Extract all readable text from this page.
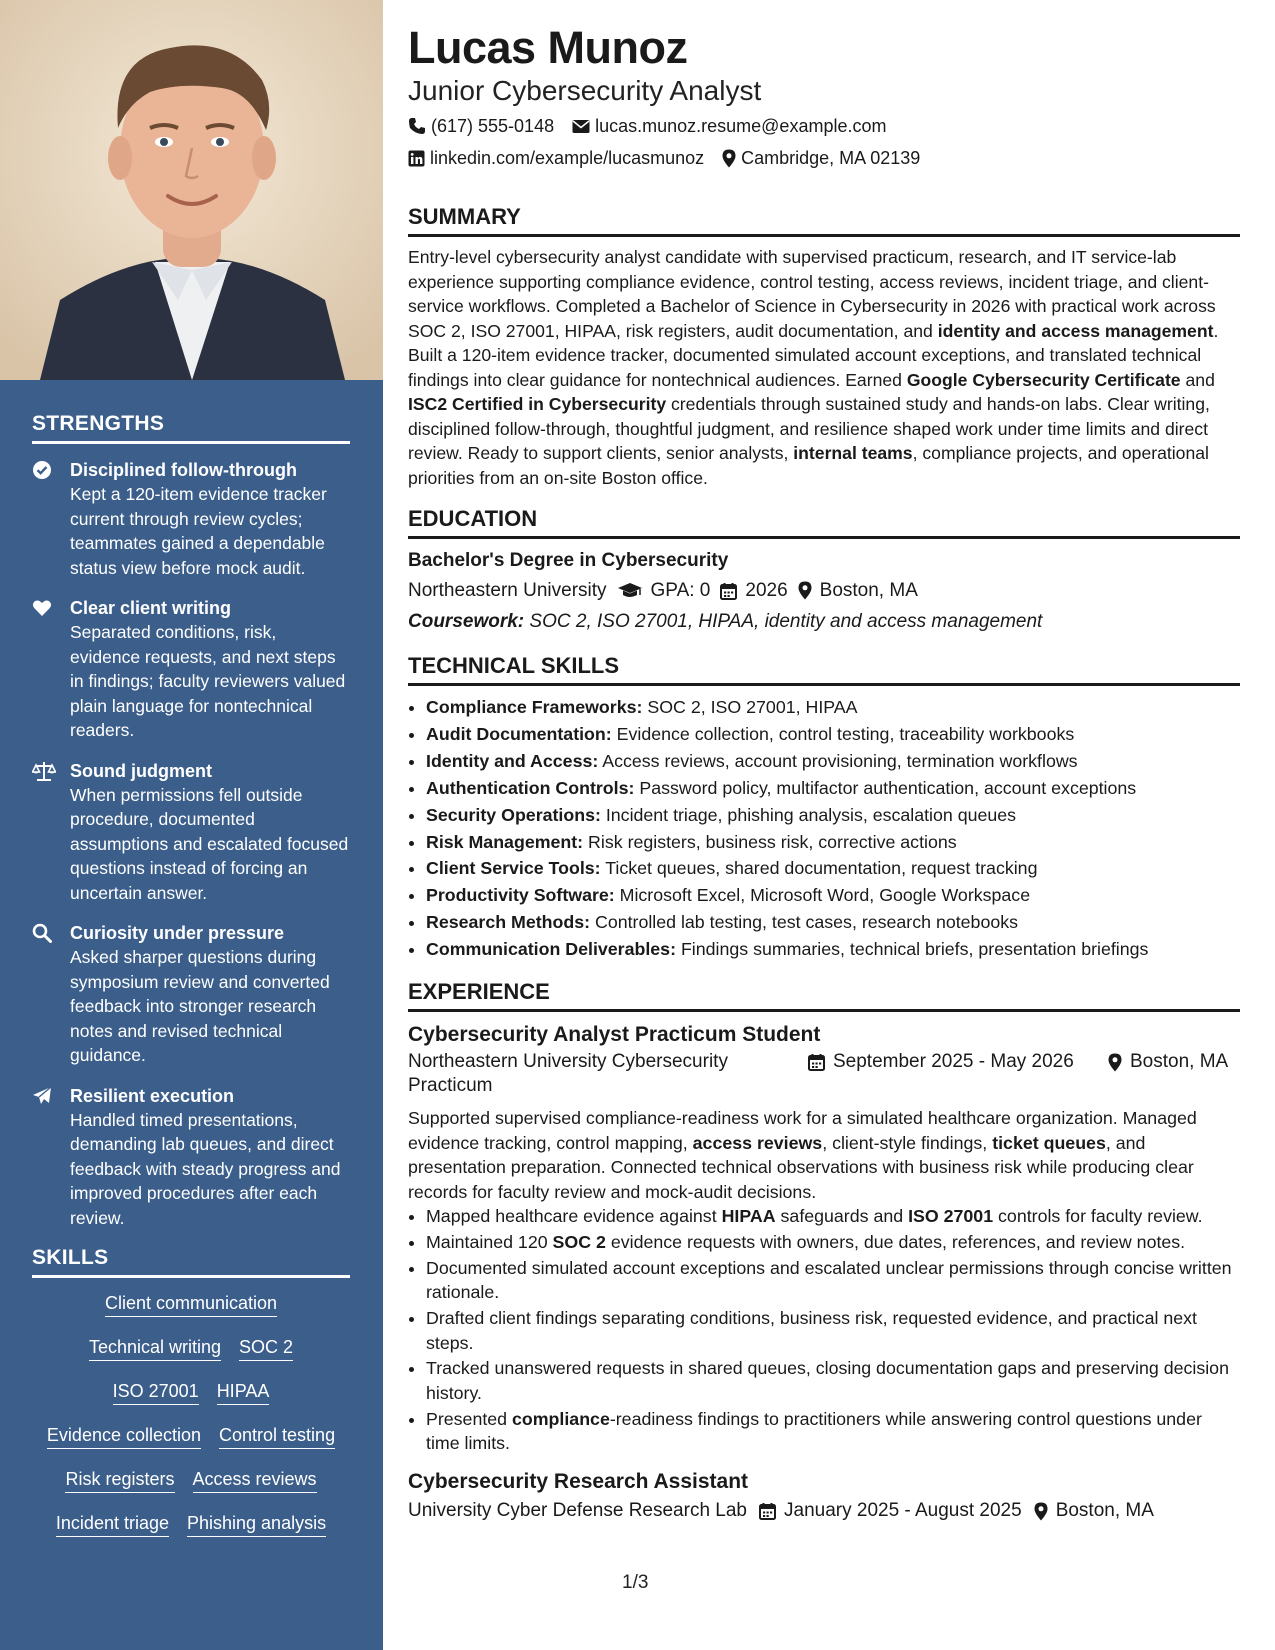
STRENGTHS
Disciplined follow-through
Kept a 120-item evidence tracker current through review cycles; teammates gained a dependable status view before mock audit.
Clear client writing
Separated conditions, risk, evidence requests, and next steps in findings; faculty reviewers valued plain language for nontechnical readers.
Sound judgment
When permissions fell outside procedure, documented assumptions and escalated focused questions instead of forcing an uncertain answer.
Curiosity under pressure
Asked sharper questions during symposium review and converted feedback into stronger research notes and revised technical guidance.
Resilient execution
Handled timed presentations, demanding lab queues, and direct feedback with steady progress and improved procedures after each review.
SKILLS
Client communication
Technical writing SOC 2
ISO 27001 HIPAA
Evidence collection Control testing
Risk registers Access reviews
Incident triage Phishing analysis
Lucas Munoz
Junior Cybersecurity Analyst
(617) 555-0148 lucas.munoz.resume@example.com
linkedin.com/example/lucasmunoz Cambridge, MA 02139
SUMMARY
Entry-level cybersecurity analyst candidate with supervised practicum, research, and IT service-lab experience supporting compliance evidence, control testing, access reviews, incident triage, and client-service workflows. Completed a Bachelor of Science in Cybersecurity in 2026 with practical work across SOC 2, ISO 27001, HIPAA, risk registers, audit documentation, and identity and access management. Built a 120-item evidence tracker, documented simulated account exceptions, and translated technical findings into clear guidance for nontechnical audiences. Earned Google Cybersecurity Certificate and ISC2 Certified in Cybersecurity credentials through sustained study and hands-on labs. Clear writing, disciplined follow-through, thoughtful judgment, and resilience shaped work under time limits and direct review. Ready to support clients, senior analysts, internal teams, compliance projects, and operational priorities from an on-site Boston office.
EDUCATION
Bachelor's Degree in Cybersecurity
Northeastern University GPA: 0 2026 Boston, MA
Coursework: SOC 2, ISO 27001, HIPAA, identity and access management
TECHNICAL SKILLS
• Compliance Frameworks: SOC 2, ISO 27001, HIPAA
• Audit Documentation: Evidence collection, control testing, traceability workbooks
• Identity and Access: Access reviews, account provisioning, termination workflows
• Authentication Controls: Password policy, multifactor authentication, account exceptions
• Security Operations: Incident triage, phishing analysis, escalation queues
• Risk Management: Risk registers, business risk, corrective actions
• Client Service Tools: Ticket queues, shared documentation, request tracking
• Productivity Software: Microsoft Excel, Microsoft Word, Google Workspace
• Research Methods: Controlled lab testing, test cases, research notebooks
• Communication Deliverables: Findings summaries, technical briefs, presentation briefings
EXPERIENCE
Cybersecurity Analyst Practicum Student
Northeastern University Cybersecurity Practicum
September 2025 - May 2026	Boston, MA
Supported supervised compliance-readiness work for a simulated healthcare organization. Managed evidence tracking, control mapping, access reviews, client-style findings, ticket queues, and presentation preparation. Connected technical observations with business risk while producing clear records for faculty review and mock-audit decisions.
• Mapped healthcare evidence against HIPAA safeguards and ISO 27001 controls for faculty review.
• Maintained 120 SOC 2 evidence requests with owners, due dates, references, and review notes.
• Documented simulated account exceptions and escalated unclear permissions through concise written rationale.
• Drafted client findings separating conditions, business risk, requested evidence, and practical next steps.
• Tracked unanswered requests in shared queues, closing documentation gaps and preserving decision history.
• Presented compliance-readiness findings to practitioners while answering control questions under time limits.
Cybersecurity Research Assistant
University Cyber Defense Research Lab January 2025 - August 2025 Boston, MA
1/3
